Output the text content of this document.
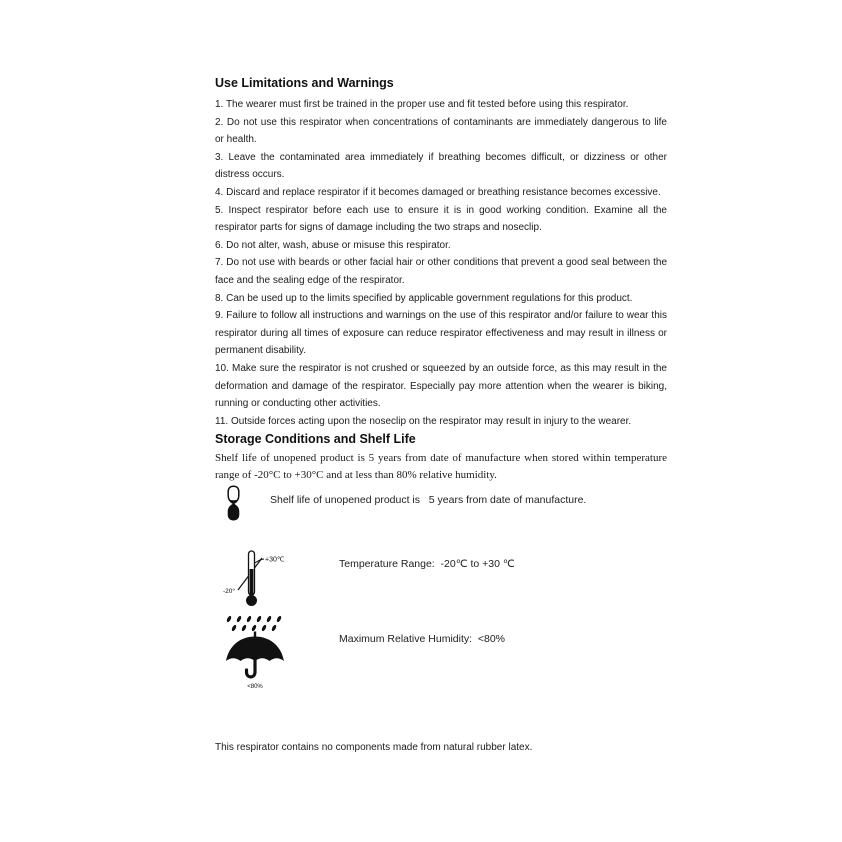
Use Limitations and Warnings

1. The wearer must first be trained in the proper use and fit tested before using this respirator.

2. Do not use this respirator when concentrations of contaminants are immediately dangerous to life or health.

3. Leave the contaminated area immediately if breathing becomes difficult, or dizziness or other distress occurs.

4. Discard and replace respirator if it becomes damaged or breathing resistance becomes excessive.

5. Inspect respirator before each use to ensure it is in good working condition. Examine all the respirator parts for signs of damage including the two straps and noseclip.

6. Do not alter, wash, abuse or misuse this respirator.

7. Do not use with beards or other facial hair or other conditions that prevent a good seal between the face and the sealing edge of the respirator.

8. Can be used up to the limits specified by applicable government regulations for this product.

9. Failure to follow all instructions and warnings on the use of this respirator and/or failure to wear this respirator during all times of exposure can reduce respirator effectiveness and may result in illness or permanent disability.

10. Make sure the respirator is not crushed or squeezed by an outside force, as this may result in the deformation and damage of the respirator. Especially pay more attention when the wearer is biking, running or conducting other activities.

11. Outside forces acting upon the noseclip on the respirator may result in injury to the wearer.

Storage Conditions and Shelf Life

Shelf life of unopened product is 5 years from date of manufacture when stored within temperature range of -20°C to +30°C and at less than 80% relative humidity.

Shelf life of unopened product is   5 years from date of manufacture.
+30℃
-20°
Temperature Range:  -20℃ to +30 ℃
<80%
Maximum Relative Humidity:  <80%

This respirator contains no components made from natural rubber latex.
